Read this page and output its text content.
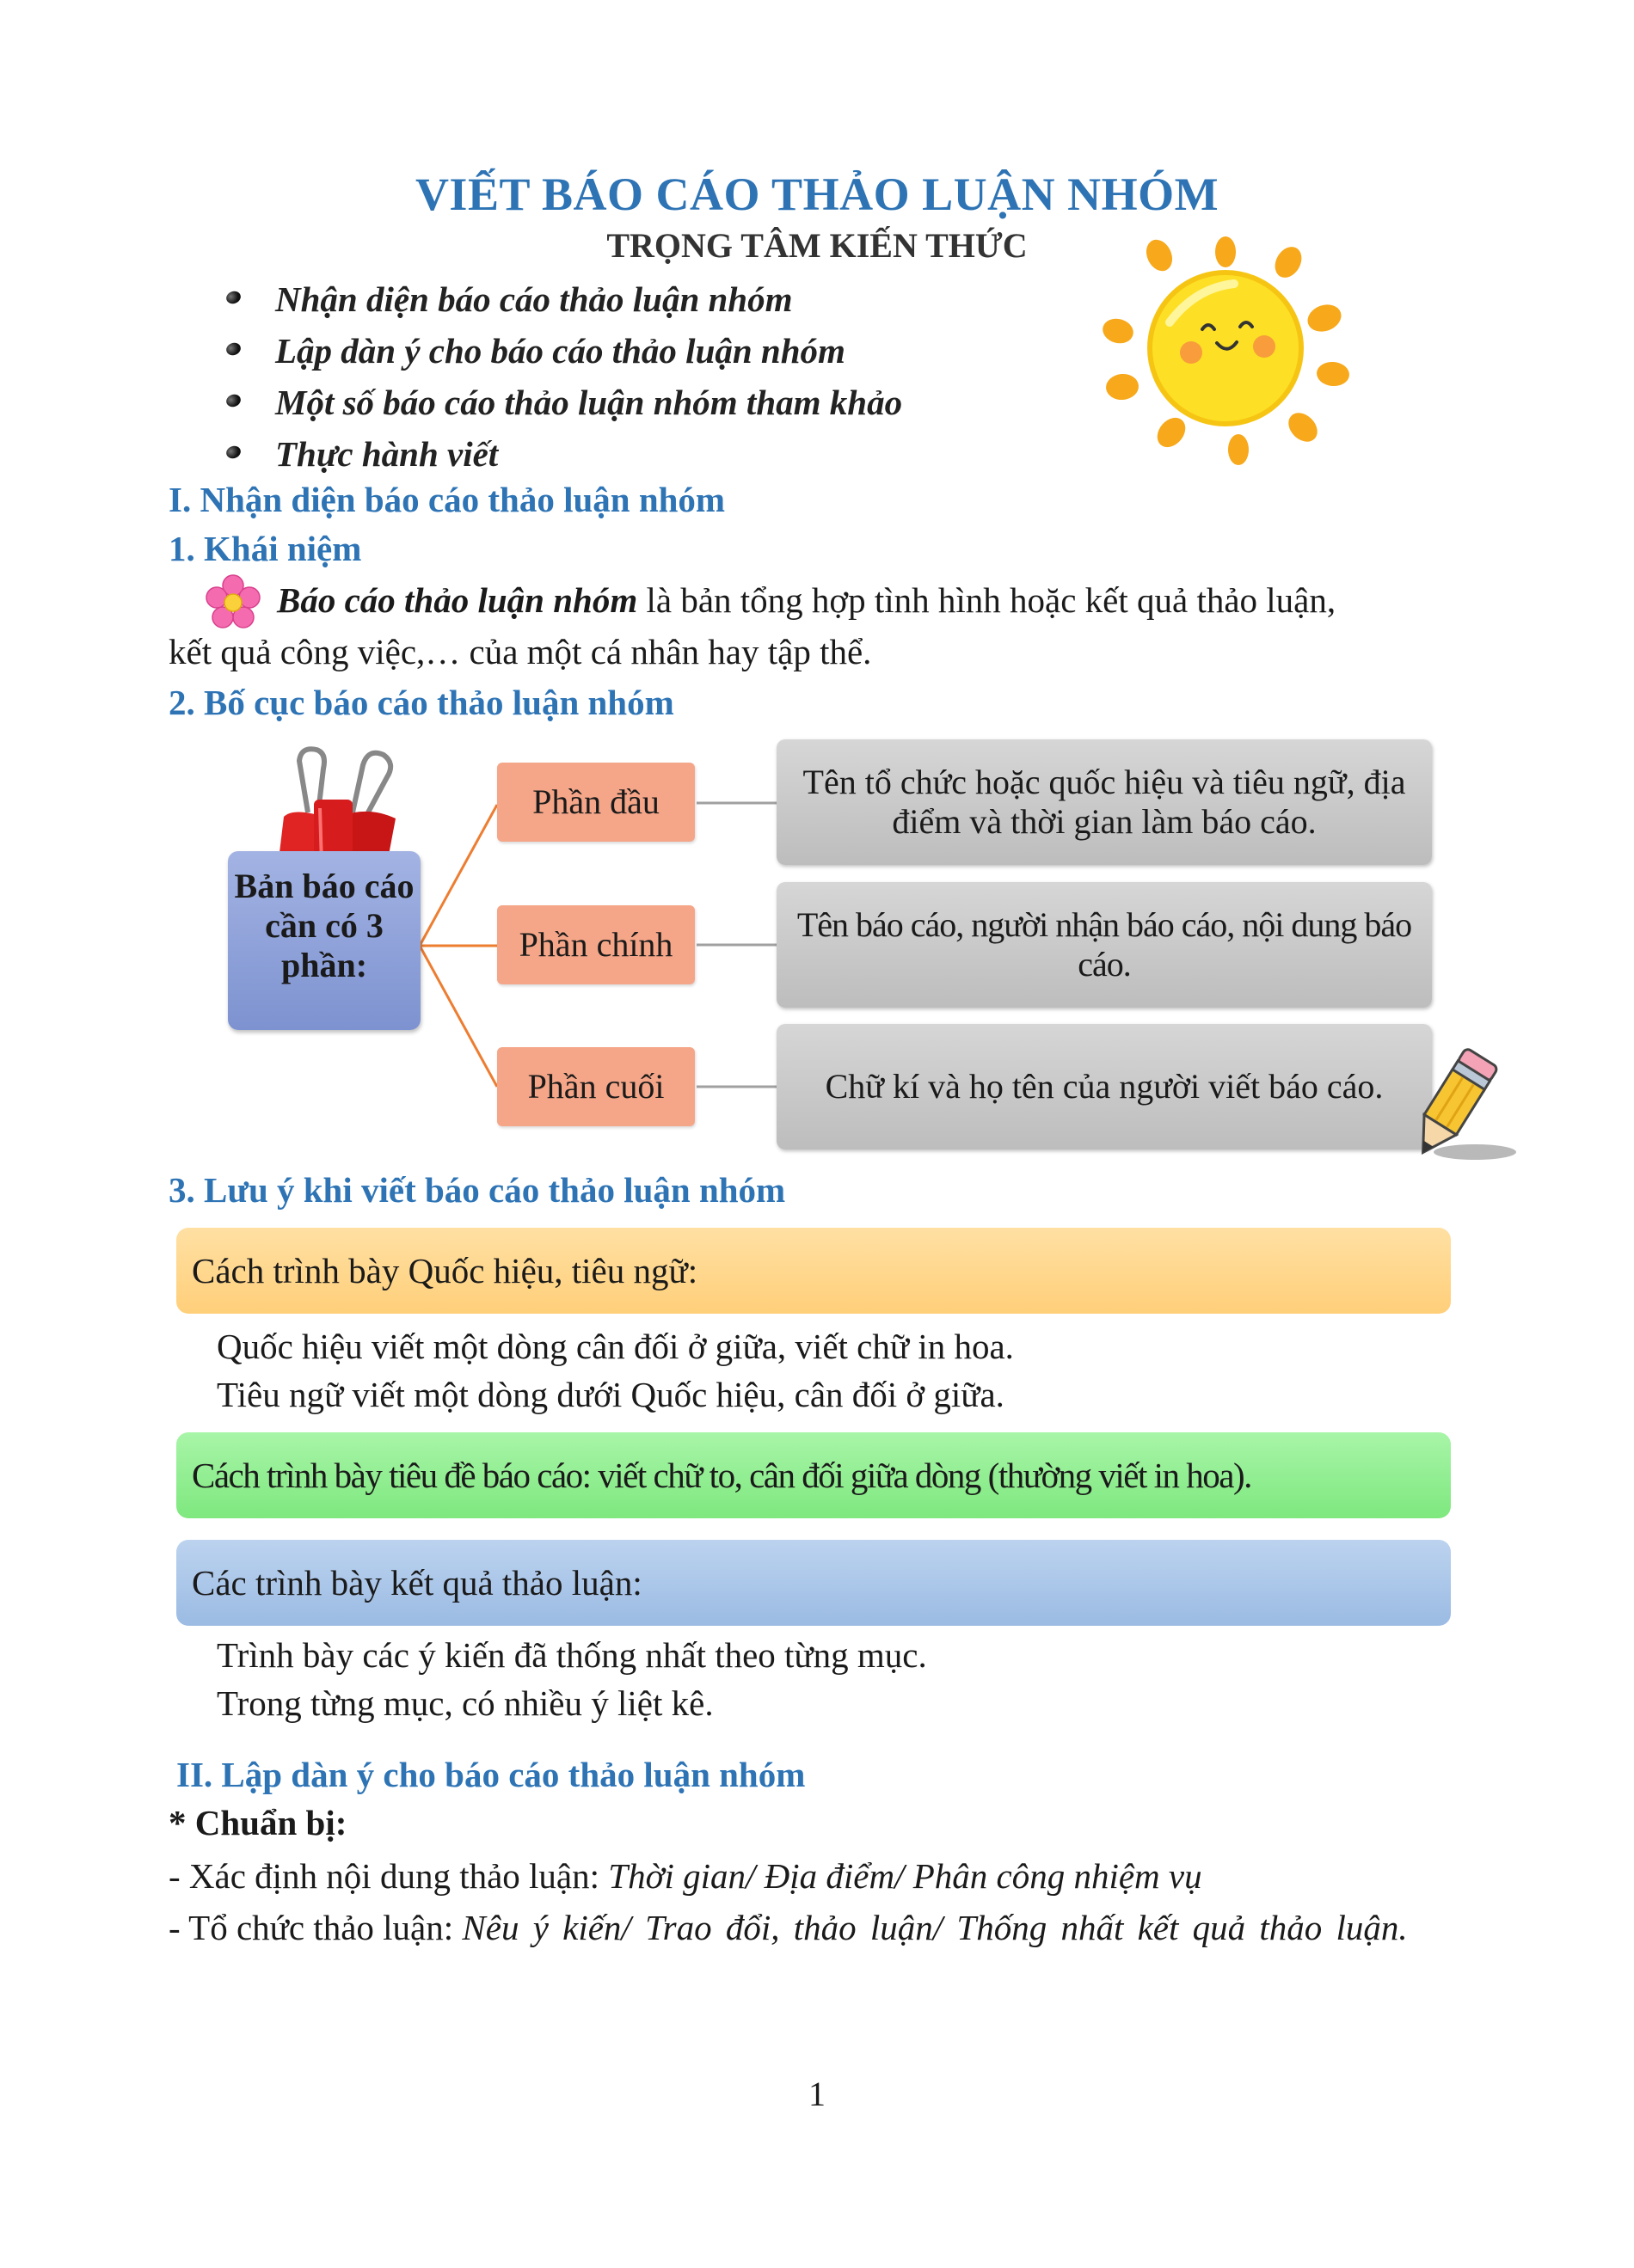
VIẾT BÁO CÁO THẢO LUẬN NHÓM
TRỌNG TÂM KIẾN THỨC
Nhận diện báo cáo thảo luận nhóm
Lập dàn ý cho báo cáo thảo luận nhóm
Một số báo cáo thảo luận nhóm tham khảo
Thực hành viết
I. Nhận diện báo cáo thảo luận nhóm
1. Khái niệm
Báo cáo thảo luận nhóm là bản tổng hợp tình hình hoặc kết quả thảo luận,
kết quả công việc,… của một cá nhân hay tập thể.
2. Bố cục báo cáo thảo luận nhóm
Bản báo cáo cần có 3 phần:
Phần đầu
Phần chính
Phần cuối
Tên tổ chức hoặc quốc hiệu và tiêu ngữ, địa điểm và thời gian làm báo cáo.
Tên báo cáo, người nhận báo cáo, nội dung báo cáo.
Chữ kí và họ tên của người viết báo cáo.
3. Lưu ý khi viết báo cáo thảo luận nhóm
Cách trình bày Quốc hiệu, tiêu ngữ:
Quốc hiệu viết một dòng cân đối ở giữa, viết chữ in hoa.
Tiêu ngữ viết một dòng dưới Quốc hiệu, cân đối ở giữa.
Cách trình bày tiêu đề báo cáo: viết chữ to, cân đối giữa dòng (thường viết in hoa).
Các trình bày kết quả thảo luận:
Trình bày các ý kiến đã thống nhất theo từng mục.
Trong từng mục, có nhiều ý liệt kê.
II. Lập dàn ý cho báo cáo thảo luận nhóm
* Chuẩn bị:
- Xác định nội dung thảo luận: Thời gian/ Địa điểm/ Phân công nhiệm vụ
- Tổ chức thảo luận: Nêu ý kiến/ Trao đổi, thảo luận/ Thống nhất kết quả thảo luận.
1
